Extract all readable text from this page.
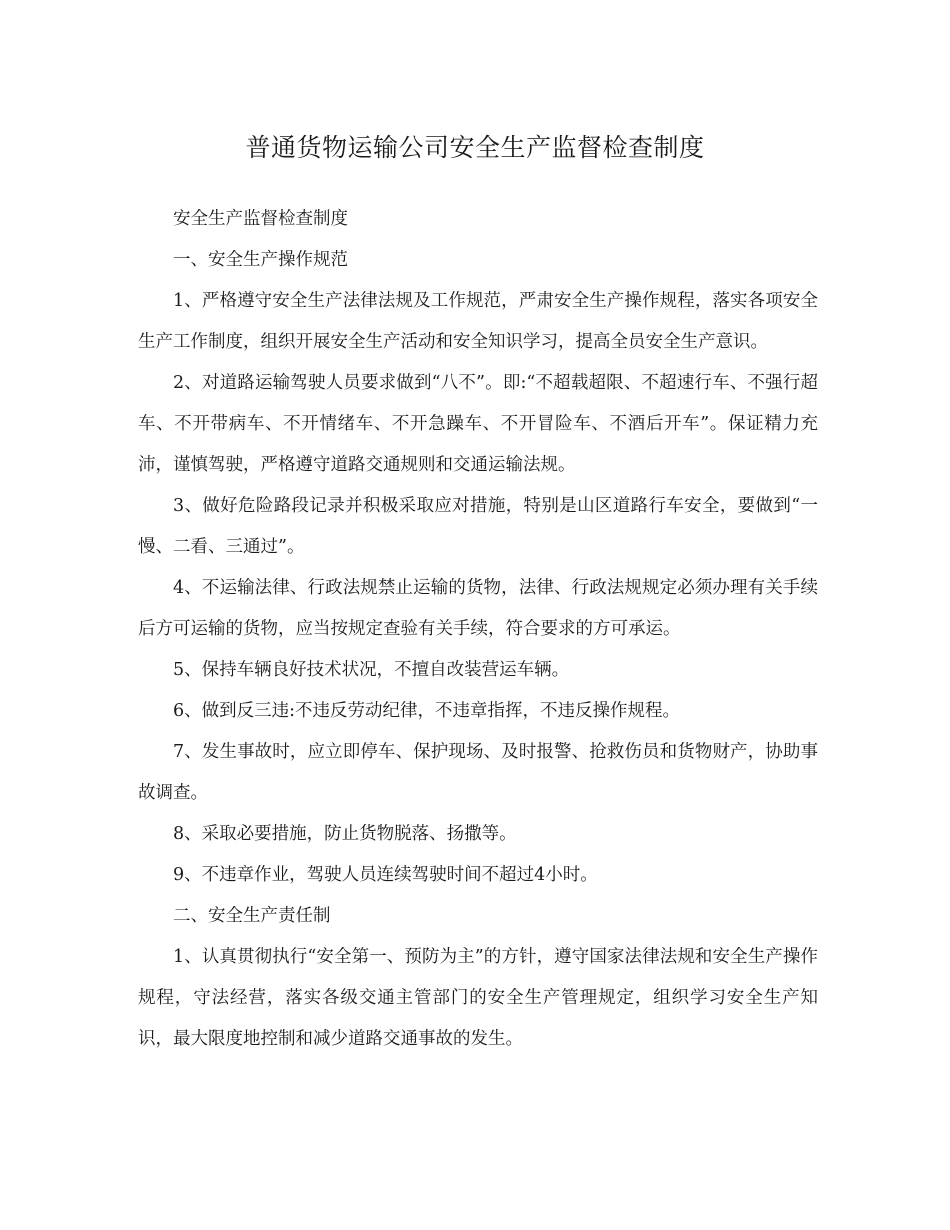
普通货物运输公司安全生产监督检查制度

安全生产监督检查制度

一、安全生产操作规范

1、严格遵守安全生产法律法规及工作规范，严肃安全生产操作规程，落实各项安全生产工作制度，组织开展安全生产活动和安全知识学习，提高全员安全生产意识。

2、对道路运输驾驶人员要求做到“八不”。即:“不超载超限、不超速行车、不强行超车、不开带病车、不开情绪车、不开急躁车、不开冒险车、不酒后开车”。保证精力充沛，谨慎驾驶，严格遵守道路交通规则和交通运输法规。

3、做好危险路段记录并积极采取应对措施，特别是山区道路行车安全，要做到“一慢、二看、三通过”。

4、不运输法律、行政法规禁止运输的货物，法律、行政法规规定必须办理有关手续后方可运输的货物，应当按规定查验有关手续，符合要求的方可承运。

5、保持车辆良好技术状况，不擅自改装营运车辆。

6、做到反三违:不违反劳动纪律，不违章指挥，不违反操作规程。

7、发生事故时，应立即停车、保护现场、及时报警、抢救伤员和货物财产，协助事故调查。

8、采取必要措施，防止货物脱落、扬撒等。

9、不违章作业，驾驶人员连续驾驶时间不超过4小时。

二、安全生产责任制

1、认真贯彻执行“安全第一、预防为主”的方针，遵守国家法律法规和安全生产操作规程，守法经营，落实各级交通主管部门的安全生产管理规定，组织学习安全生产知识，最大限度地控制和减少道路交通事故的发生。
